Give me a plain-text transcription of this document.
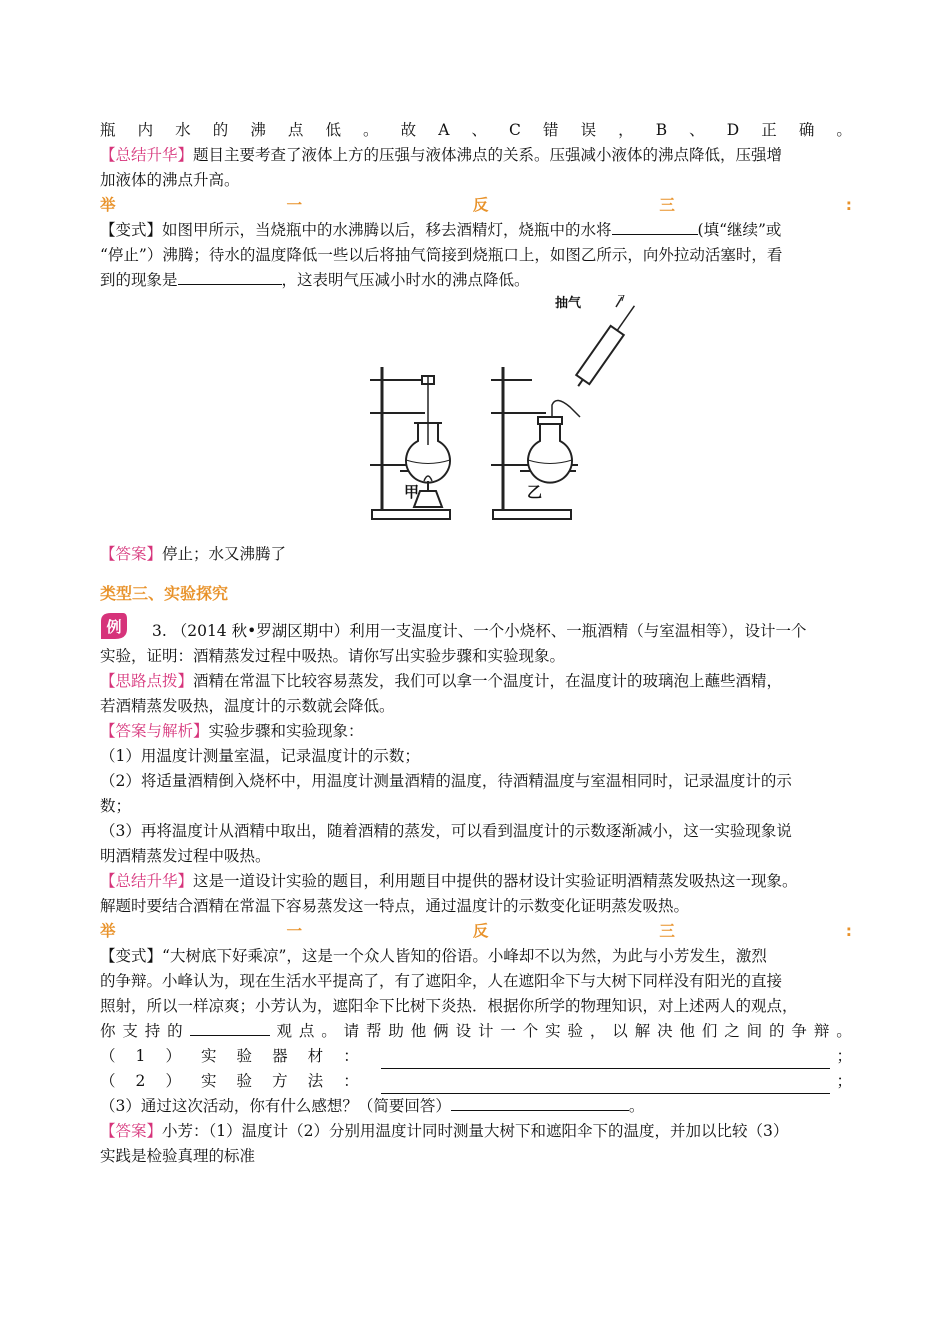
瓶 内 水 的 沸 点 低 。 故 A 、 C 错 误 ， B 、 D 正 确 。
【总结升华】题目主要考查了液体上方的压强与液体沸点的关系。压强减小液体的沸点降低，压强增
加液体的沸点升高。
举	一	反	三	:
【变式】如图甲所示，当烧瓶中的水沸腾以后，移去酒精灯，烧瓶中的水将	(填“继续”或
“停止”）沸腾；待水的温度降低一些以后将抽气筒接到烧瓶口上，如图乙所示，向外拉动活塞时，看
到的现象是	，这表明气压减小时水的沸点降低。
抽气
甲	乙
【答案】停止；水又沸腾了
类型三、实验探究
例	3. （2014 秋•罗湖区期中）利用一支温度计、一个小烧杯、一瓶酒精（与室温相等），设计一个
实验，证明：酒精蒸发过程中吸热。请你写出实验步骤和实验现象。
【思路点拨】酒精在常温下比较容易蒸发，我们可以拿一个温度计，在温度计的玻璃泡上蘸些酒精，
若酒精蒸发吸热，温度计的示数就会降低。
【答案与解析】实验步骤和实验现象：
（1）用温度计测量室温，记录温度计的示数；
（2）将适量酒精倒入烧杯中，用温度计测量酒精的温度，待酒精温度与室温相同时，记录温度计的示
数；
（3）再将温度计从酒精中取出，随着酒精的蒸发，可以看到温度计的示数逐渐减小，这一实验现象说
明酒精蒸发过程中吸热。
【总结升华】这是一道设计实验的题目，利用题目中提供的器材设计实验证明酒精蒸发吸热这一现象。
解题时要结合酒精在常温下容易蒸发这一特点，通过温度计的示数变化证明蒸发吸热。
举	一	反	三	:
【变式】“大树底下好乘凉”，这是一个众人皆知的俗语。小峰却不以为然，为此与小芳发生，激烈
的争辩。小峰认为，现在生活水平提高了，有了遮阳伞，人在遮阳伞下与大树下同样没有阳光的直接
照射，所以一样凉爽；小芳认为，遮阳伞下比树下炎热．根据你所学的物理知识，对上述两人的观点，
你 支 持 的	观 点 。 请 帮 助 他 俩 设 计 一 个 实 验 ， 以 解 决 他 们 之 间 的 争 辩 。
（ 1 ） 实 验 器 材 ：	；
（ 2 ） 实 验 方 法 ：	；
（3）通过这次活动，你有什么感想？（简要回答）	。
【答案】小芳：（1）温度计（2）分别用温度计同时测量大树下和遮阳伞下的温度，并加以比较（3）
实践是检验真理的标准
